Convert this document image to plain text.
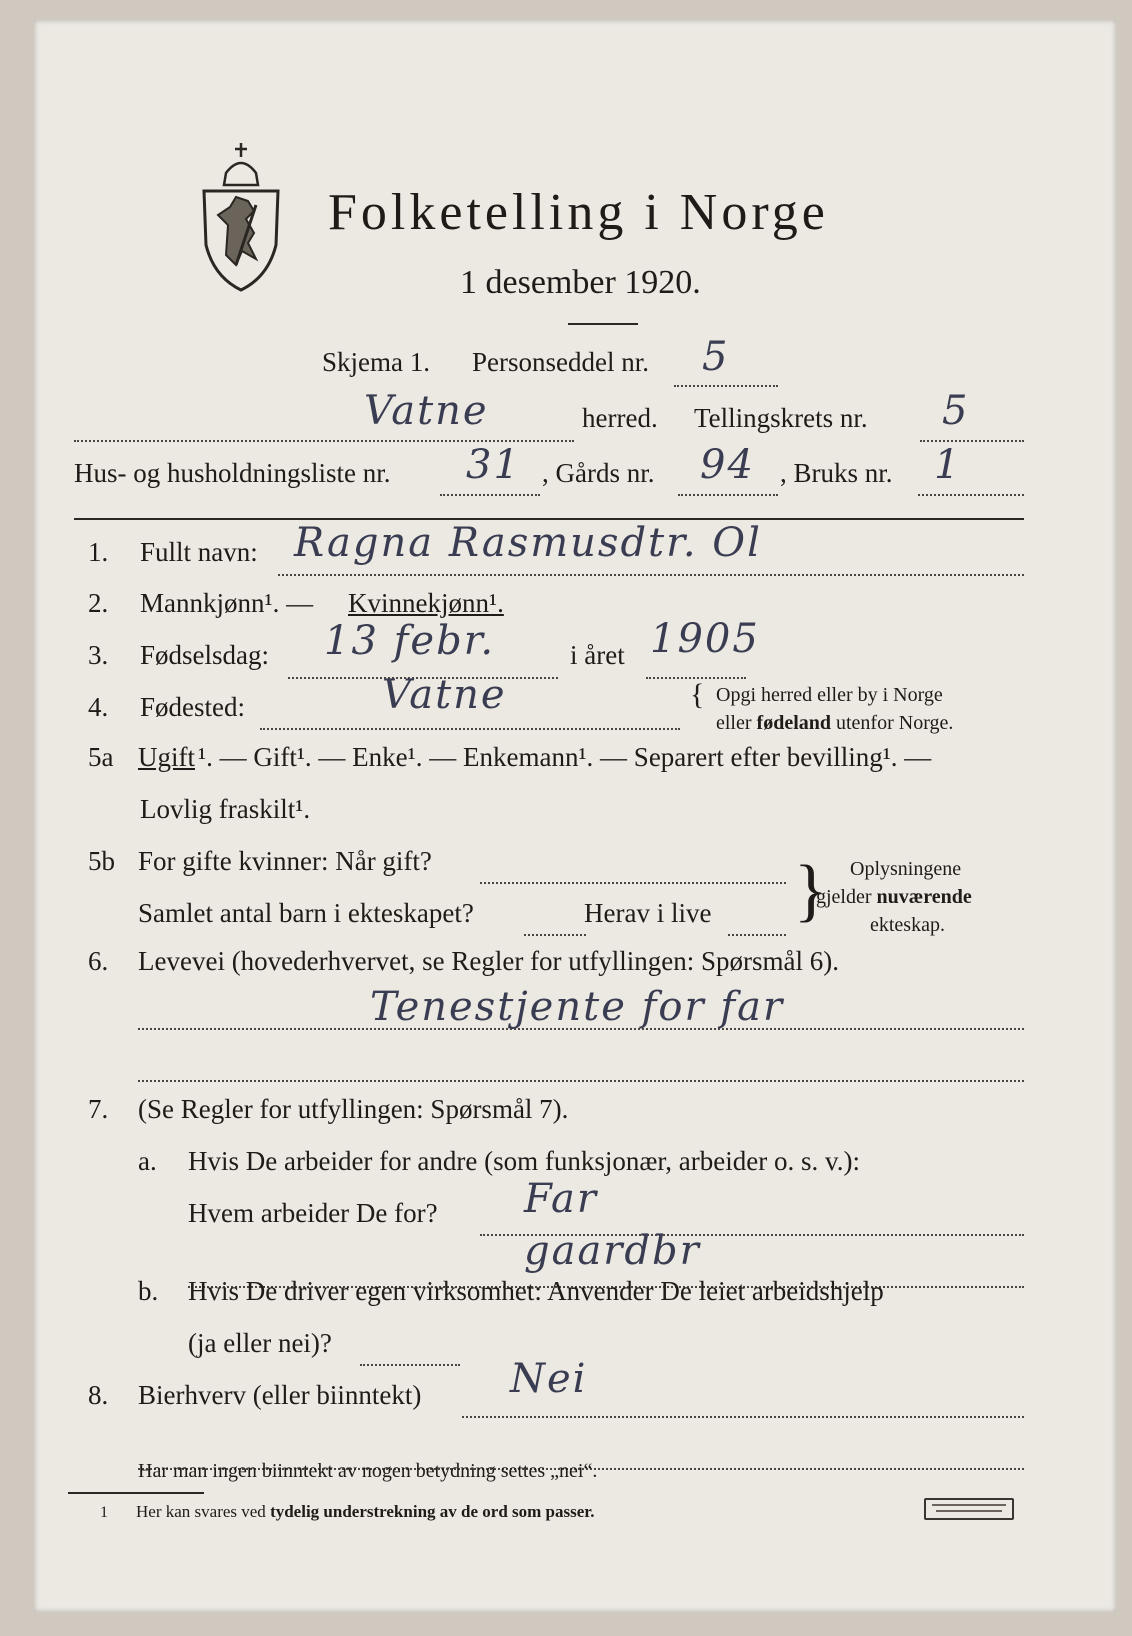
Folketelling i Norge
1 desember 1920.
Skjema 1. Personseddel nr. 5
Vatne	herred. Tellingskrets nr. 5
Hus- og husholdningsliste nr. 31 , Gårds nr. 94 , Bruks nr. 1
1. Fullt navn: Ragna Rasmusdtr. Ol
2. Mannkjønn¹. — Kvinnekjønn¹.
3. Fødselsdag: 13 febr.	i året 1905
4. Fødested:	Vatne	{ Opgi herred eller by i Norge
eller fødeland utenfor Norge.
5a Ugift ¹. — Gift¹. — Enke¹. — Enkemann¹. — Separert efter bevilling¹. —
Lovlig fraskilt¹.
5b For gifte kvinner: Når gift?
Samlet antal barn i ekteskapet?	Herav i live } Oplysningene
gjelder nuværende
ekteskap.
6. Levevei (hovederhvervet, se Regler for utfyllingen: Spørsmål 6).
Tenestjente for far
7. (Se Regler for utfyllingen: Spørsmål 7).
a. Hvis De arbeider for andre (som funksjonær, arbeider o. s. v.):
Hvem arbeider De for? Far
gaardbr
b. Hvis De driver egen virksomhet: Anvender De leiet arbeidshjelp
(ja eller nei)?
8. Bierhverv (eller biinntekt) Nei
Har man ingen biinntekt av nogen betydning settes „nei“.
1 Her kan svares ved tydelig understrekning av de ord som passer.
